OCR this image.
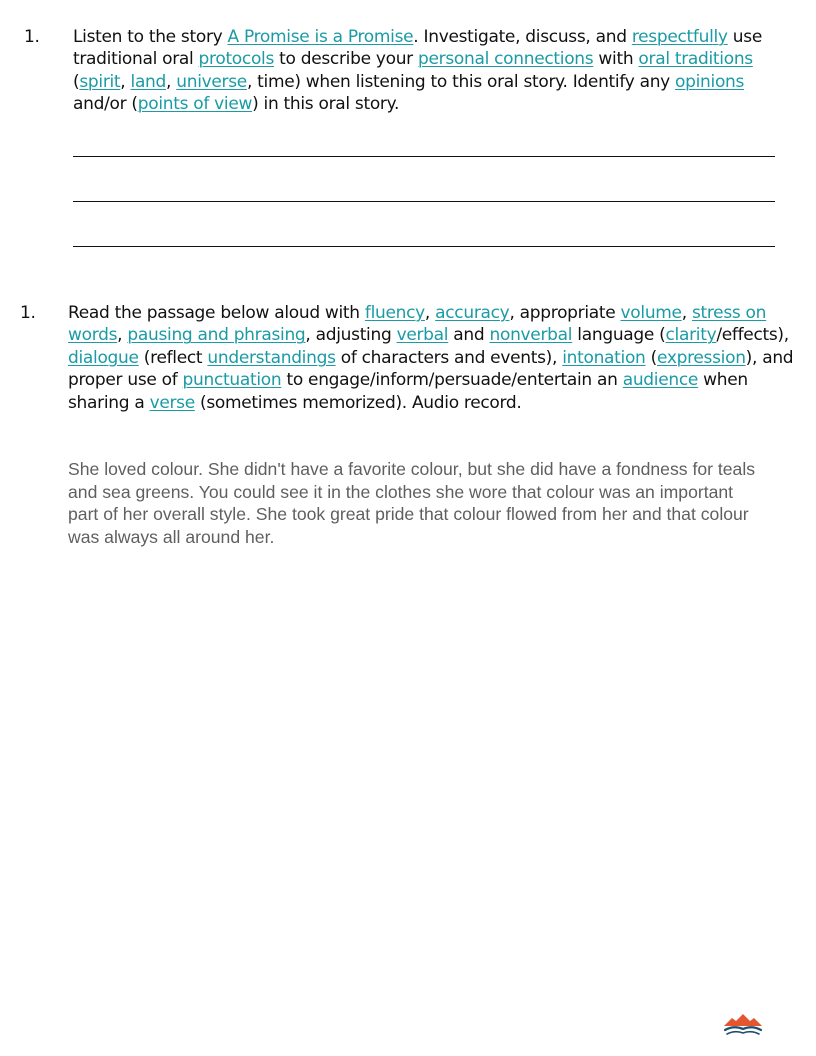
1. Listen to the story A Promise is a Promise. Investigate, discuss, and respectfully use traditional oral protocols to describe your personal connections with oral traditions (spirit, land, universe, time) when listening to this oral story. Identify any opinions and/or (points of view) in this oral story.
1. Read the passage below aloud with fluency, accuracy, appropriate volume, stress on words, pausing and phrasing, adjusting verbal and nonverbal language (clarity/effects), dialogue (reflect understandings of characters and events), intonation (expression), and proper use of punctuation to engage/inform/persuade/entertain an audience when sharing a verse (sometimes memorized). Audio record.
She loved colour. She didn't have a favorite colour, but she did have a fondness for teals and sea greens. You could see it in the clothes she wore that colour was an important part of her overall style. She took great pride that colour flowed from her and that colour was always all around her.
